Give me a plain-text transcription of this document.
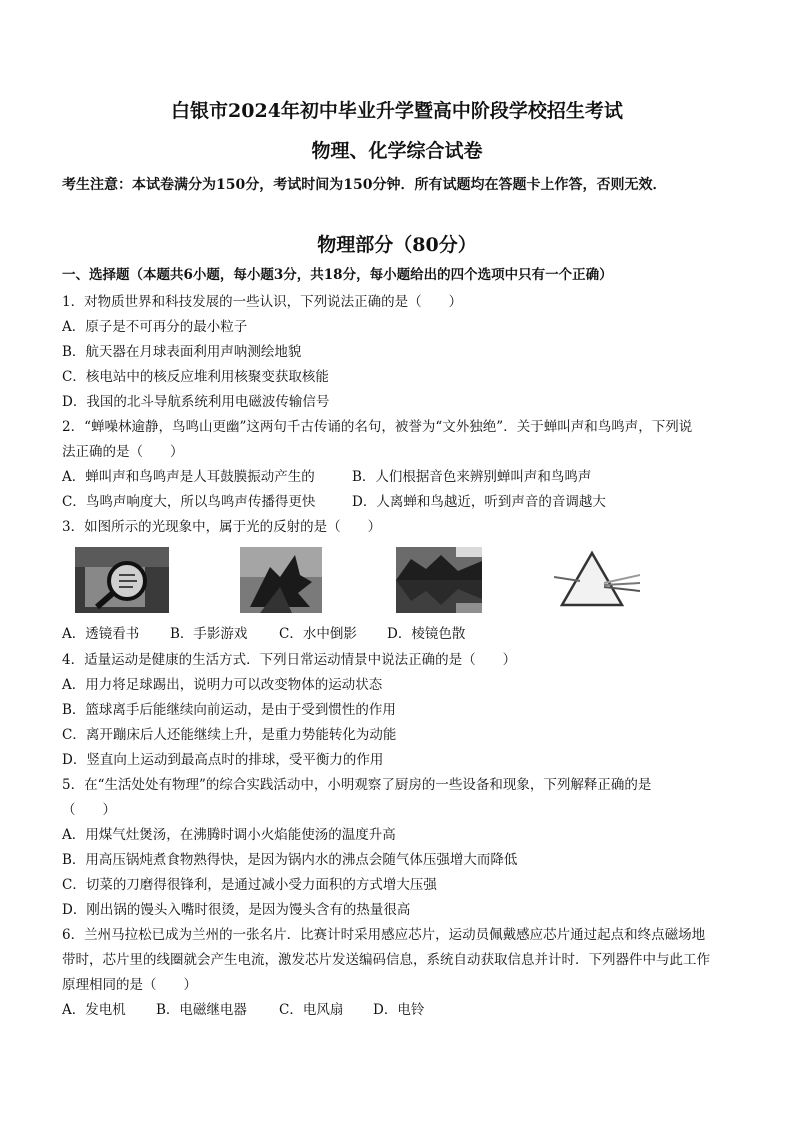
白银市2024年初中毕业升学暨高中阶段学校招生考试
物理、化学综合试卷
考生注意：本试卷满分为150分，考试时间为150分钟．所有试题均在答题卡上作答，否则无效．
物理部分（80分）
一、选择题（本题共6小题，每小题3分，共18分，每小题给出的四个选项中只有一个正确）
1．对物质世界和科技发展的一些认识，下列说法正确的是（　　）
A．原子是不可再分的最小粒子
B．航天器在月球表面利用声呐测绘地貌
C．核电站中的核反应堆利用核聚变获取核能
D．我国的北斗导航系统利用电磁波传输信号
2．“蝉噪林逾静，鸟鸣山更幽”这两句千古传诵的名句，被誉为“文外独绝”．关于蝉叫声和鸟鸣声，下列说
法正确的是（　　）
A．蝉叫声和鸟鸣声是人耳鼓膜振动产生的	B．人们根据音色来辨别蝉叫声和鸟鸣声
C．鸟鸣声响度大，所以鸟鸣声传播得更快	D．人离蝉和鸟越近，听到声音的音调越大
3．如图所示的光现象中，属于光的反射的是（　　）
A．透镜看书 B．手影游戏 C．水中倒影 D．棱镜色散
4．适量运动是健康的生活方式．下列日常运动情景中说法正确的是（　　）
A．用力将足球踢出，说明力可以改变物体的运动状态
B．篮球离手后能继续向前运动，是由于受到惯性的作用
C．离开蹦床后人还能继续上升，是重力势能转化为动能
D．竖直向上运动到最高点时的排球，受平衡力的作用
5．在“生活处处有物理”的综合实践活动中，小明观察了厨房的一些设备和现象，下列解释正确的是
（　　）
A．用煤气灶煲汤，在沸腾时调小火焰能使汤的温度升高
B．用高压锅炖煮食物熟得快，是因为锅内水的沸点会随气体压强增大而降低
C．切菜的刀磨得很锋利，是通过减小受力面积的方式增大压强
D．刚出锅的馒头入嘴时很烫，是因为馒头含有的热量很高
6．兰州马拉松已成为兰州的一张名片．比赛计时采用感应芯片，运动员佩戴感应芯片通过起点和终点磁场地
带时，芯片里的线圈就会产生电流，激发芯片发送编码信息，系统自动获取信息并计时．下列器件中与此工作
原理相同的是（　　）
A．发电机 B．电磁继电器 C．电风扇 D．电铃
